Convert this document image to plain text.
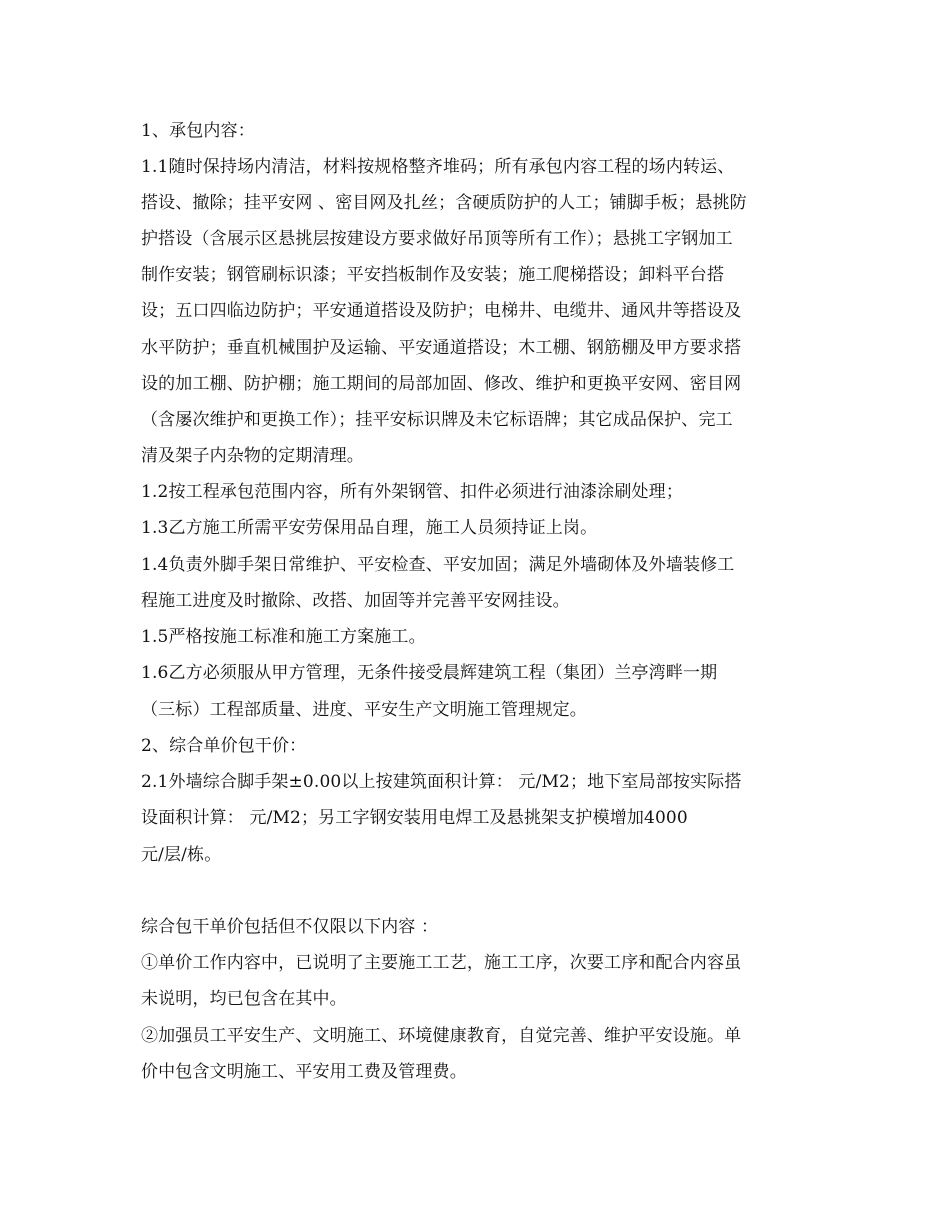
1、承包内容：
1.1随时保持场内清洁，材料按规格整齐堆码；所有承包内容工程的场内转运、
搭设、撤除；挂平安网 、密目网及扎丝；含硬质防护的人工；铺脚手板；悬挑防
护搭设（含展示区悬挑层按建设方要求做好吊顶等所有工作）；悬挑工字钢加工
制作安装；钢管刷标识漆；平安挡板制作及安装；施工爬梯搭设；卸料平台搭
设；五口四临边防护；平安通道搭设及防护；电梯井、电缆井、通风井等搭设及
水平防护；垂直机械围护及运输、平安通道搭设；木工棚、钢筋棚及甲方要求搭
设的加工棚、防护棚；施工期间的局部加固、修改、维护和更换平安网、密目网
（含屡次维护和更换工作）；挂平安标识牌及未它标语牌；其它成品保护、完工
清及架子内杂物的定期清理。
1.2按工程承包范围内容，所有外架钢管、扣件必须进行油漆涂刷处理；
1.3乙方施工所需平安劳保用品自理，施工人员须持证上岗。
1.4负责外脚手架日常维护、平安检查、平安加固；满足外墙砌体及外墙装修工
程施工进度及时撤除、改搭、加固等并完善平安网挂设。
1.5严格按施工标准和施工方案施工。
1.6乙方必须服从甲方管理，无条件接受晨辉建筑工程（集团）兰亭湾畔一期
（三标）工程部质量、进度、平安生产文明施工管理规定。
2、综合单价包干价：
2.1外墙综合脚手架±0.00以上按建筑面积计算： 元/M2；地下室局部按实际搭
设面积计算： 元/M2；另工字钢安装用电焊工及悬挑架支护模增加4000
元/层/栋。
综合包干单价包括但不仅限以下内容 ：
①单价工作内容中，已说明了主要施工工艺，施工工序，次要工序和配合内容虽
未说明，均已包含在其中。
②加强员工平安生产、文明施工、环境健康教育，自觉完善、维护平安设施。单
价中包含文明施工、平安用工费及管理费。
